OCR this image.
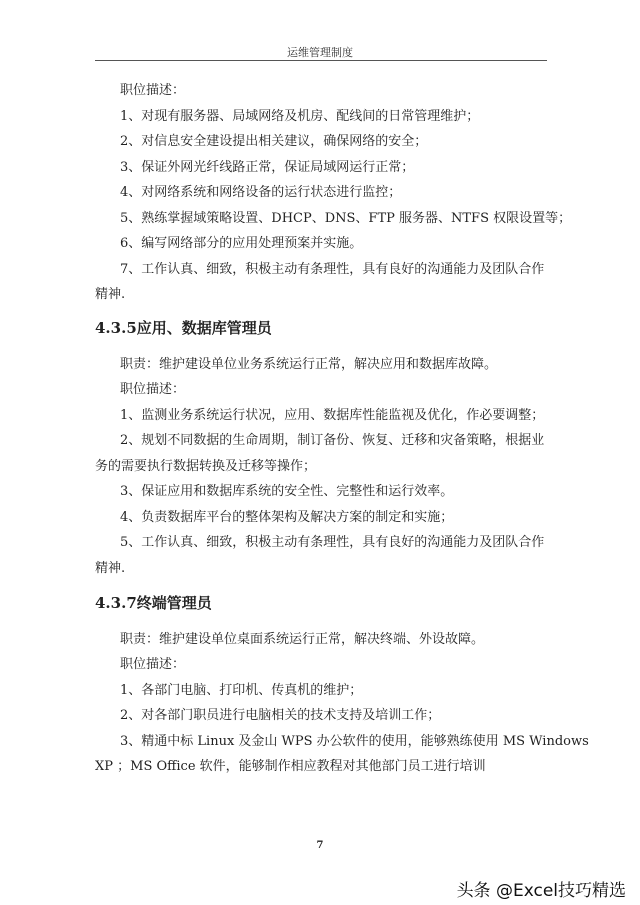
运维管理制度
职位描述：
1、对现有服务器、局域网络及机房、配线间的日常管理维护；
2、对信息安全建设提出相关建议，确保网络的安全；
3、保证外网光纤线路正常，保证局域网运行正常；
4、对网络系统和网络设备的运行状态进行监控；
5、熟练掌握域策略设置、DHCP、DNS、FTP 服务器、NTFS 权限设置等；
6、编写网络部分的应用处理预案并实施。
7、工作认真、细致，积极主动有条理性，具有良好的沟通能力及团队合作
精神.
4.3.5应用、数据库管理员
职责：维护建设单位业务系统运行正常，解决应用和数据库故障。
职位描述：
1、监测业务系统运行状况，应用、数据库性能监视及优化，作必要调整；
2、规划不同数据的生命周期，制订备份、恢复、迁移和灾备策略，根据业
务的需要执行数据转换及迁移等操作；
3、保证应用和数据库系统的安全性、完整性和运行效率。
4、负责数据库平台的整体架构及解决方案的制定和实施；
5、工作认真、细致，积极主动有条理性，具有良好的沟通能力及团队合作
精神.
4.3.7终端管理员
职责：维护建设单位桌面系统运行正常，解决终端、外设故障。
职位描述：
1、各部门电脑、打印机、传真机的维护；
2、对各部门职员进行电脑相关的技术支持及培训工作；
3、精通中标 Linux 及金山 WPS 办公软件的使用，能够熟练使用 MS Windows
XP ；MS Office 软件，能够制作相应教程对其他部门员工进行培训
7
头条 @Excel技巧精选
